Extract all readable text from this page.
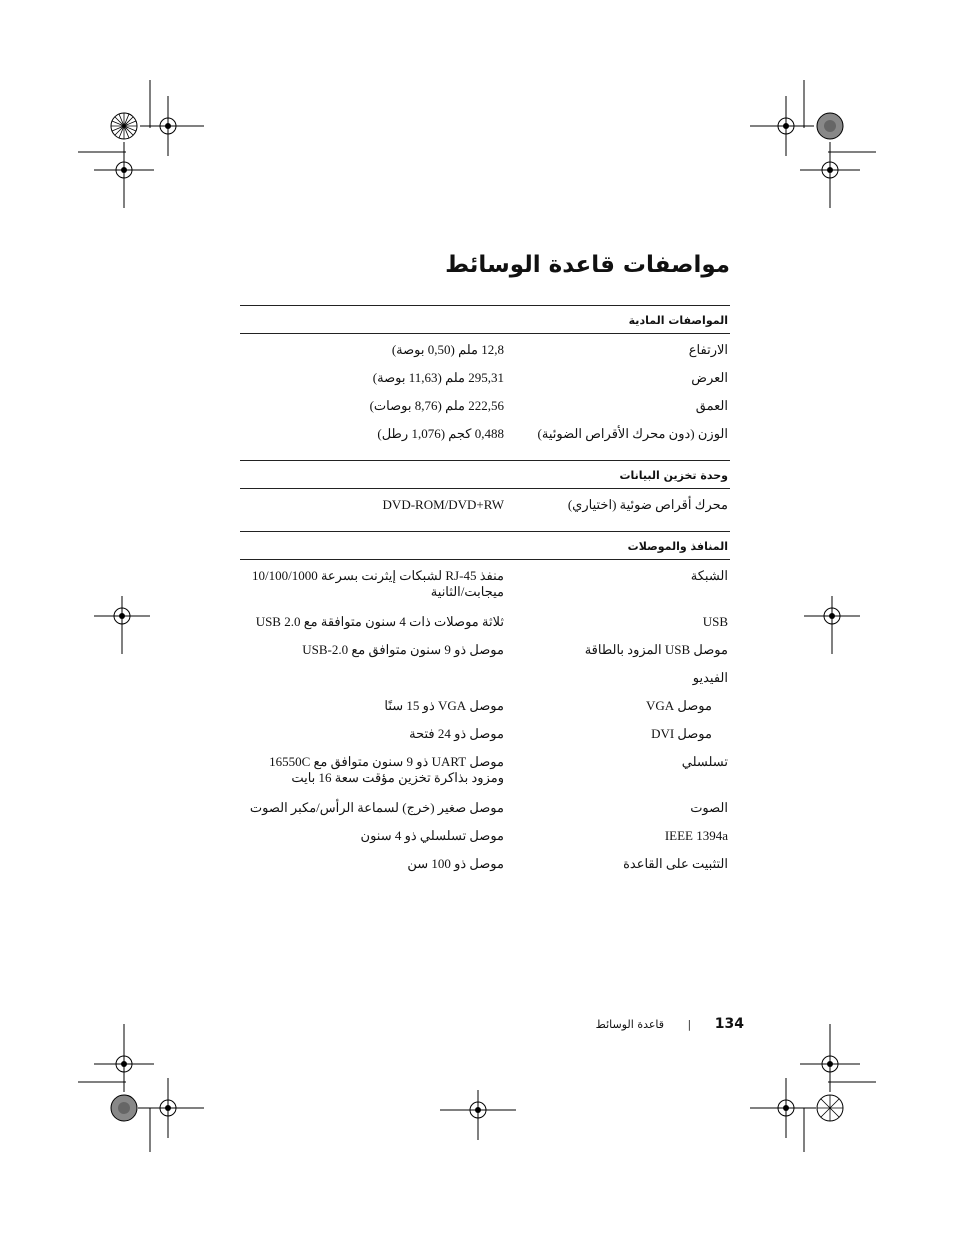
مواصفات قاعدة الوسائط
المواصفات المادية
الارتفاع
12,8 ملم (0,50 بوصة)
العرض
295,31 ملم (11,63 بوصة)
العمق
222,56 ملم (8,76 بوصات)
الوزن (دون محرك الأقراص الضوئية)
0,488 كجم (1,076 رطل)
وحدة تخزين البيانات
محرك أقراص ضوئية (اختياري)
DVD-ROM/DVD+RW
المنافذ والموصلات
الشبكة
منفذ RJ-45 لشبكات إيثرنت بسرعة 10/100/1000 ميجابت/الثانية
USB
ثلاثة موصلات ذات 4 سنون متوافقة مع USB 2.0
موصل USB المزود بالطاقة
موصل ذو 9 سنون متوافق مع USB-2.0
الفيديو
موصل VGA
موصل VGA ذو 15 سنًا
موصل DVI
موصل ذو 24 فتحة
تسلسلي
موصل UART ذو 9 سنون متوافق مع 16550C ومزود بذاكرة تخزين مؤقت سعة 16 بايت
الصوت
موصل صغير (خرج) لسماعة الرأس/مكبر الصوت
IEEE 1394a
موصل تسلسلي ذو 4 سنون
التثبيت على القاعدة
موصل ذو 100 سن
134 | قاعدة الوسائط
